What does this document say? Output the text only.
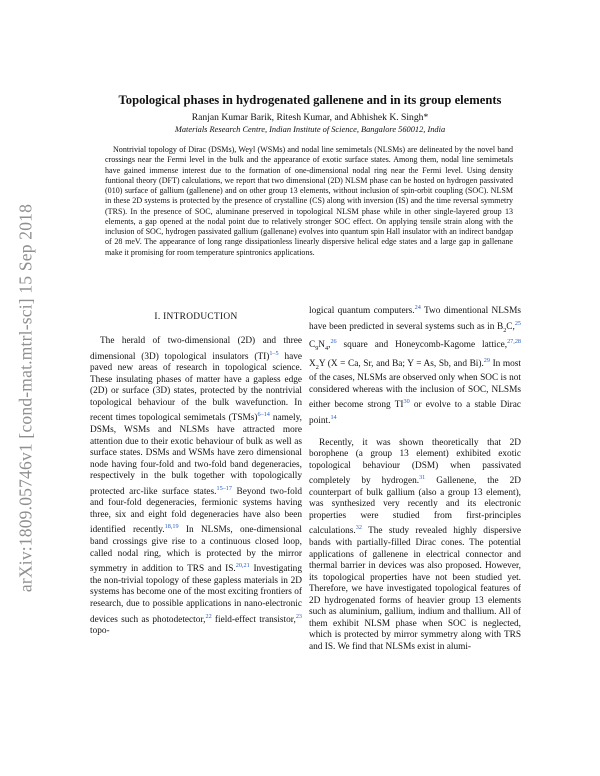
arXiv:1809.05746v1 [cond-mat.mtrl-sci] 15 Sep 2018
Topological phases in hydrogenated gallenene and in its group elements
Ranjan Kumar Barik, Ritesh Kumar, and Abhishek K. Singh*
Materials Research Centre, Indian Institute of Science, Bangalore 560012, India

Nontrivial topology of Dirac (DSMs), Weyl (WSMs) and nodal line semimetals (NLSMs) are delineated by the novel band crossings near the Fermi level in the bulk and the appearance of exotic surface states. Among them, nodal line semimetals have gained immense interest due to the formation of one-dimensional nodal ring near the Fermi level. Using density funtional theory (DFT) calculations, we report that two dimensional (2D) NLSM phase can be hosted on hydrogen passivated (010) surface of gallium (gallenene) and on other group 13 elements, without inclusion of spin-orbit coupling (SOC). NLSM in these 2D systems is protected by the presence of crystalline (CS) along with inversion (IS) and the time reversal symmetry (TRS). In the presence of SOC, aluminane preserved in topological NLSM phase while in other single-layered group 13 elements, a gap opened at the nodal point due to relatively stronger SOC effect. On applying tensile strain along with the inclusion of SOC, hydrogen passivated gallium (gallenane) evolves into quantum spin Hall insulator with an indirect bandgap of 28 meV. The appearance of long range dissipationless linearly dispersive helical edge states and a large gap in gallenane make it promising for room temperature spintronics applications.

I. INTRODUCTION

The herald of two-dimensional (2D) and three dimensional (3D) topological insulators (TI)$^{1-5}$ have paved new areas of research in topological science. These insulating phases of matter have a gapless edge (2D) or surface (3D) states, protected by the nontrivial topological behaviour of the bulk wavefunction. In recent times topological semimetals (TSMs)$^{6-14}$ namely, DSMs, WSMs and NLSMs have attracted more attention due to their exotic behaviour of bulk as well as surface states. DSMs and WSMs have zero dimensional node having four-fold and two-fold band degeneracies, respectively in the bulk together with topologically protected arc-like surface states.$^{15-17}$ Beyond two-fold and four-fold degeneracies, fermionic systems having three, six and eight fold degeneracies have also been identified recently.$^{18,19}$ In NLSMs, one-dimensional band crossings give rise to a continuous closed loop, called nodal ring, which is protected by the mirror symmetry in addition to TRS and IS.$^{20,21}$ Investigating the non-trivial topology of these gapless materials in 2D systems has become one of the most exciting frontiers of research, due to possible applications in nano-electronic devices such as photodetector,$^{22}$ field-effect transistor,$^{23}$ topo-

logical quantum computers.$^{24}$ Two dimentional NLSMs have been predicted in several systems such as in $B_2C,^{25}$ $C_9N_4,^{26}$ square and Honeycomb-Kagome lattice,$^{27,28}$ $X_2Y$ (X = Ca, Sr, and Ba; Y = As, Sb, and Bi).$^{29}$ In most of the cases, NLSMs are observed only when SOC is not considered whereas with the inclusion of SOC, NLSMs either become strong TI$^{30}$ or evolve to a stable Dirac point.$^{14}$

Recently, it was shown theoretically that 2D borophene (a group 13 element) exhibited exotic topological behaviour (DSM) when passivated completely by hydrogen.$^{31}$ Gallenene, the 2D counterpart of bulk gallium (also a group 13 element), was synthesized very recently and its electronic properties were studied from first-principles calculations.$^{32}$ The study revealed highly dispersive bands with partially-filled Dirac cones. The potential applications of gallenene in electrical connector and thermal barrier in devices was also proposed. However, its topological properties have not been studied yet. Therefore, we have investigated topological features of 2D hydrogenated forms of heavier group 13 elements such as aluminium, gallium, indium and thallium. All of them exhibit NLSM phase when SOC is neglected, which is protected by mirror symmetry along with TRS and IS. We find that NLSMs exist in alumi-
